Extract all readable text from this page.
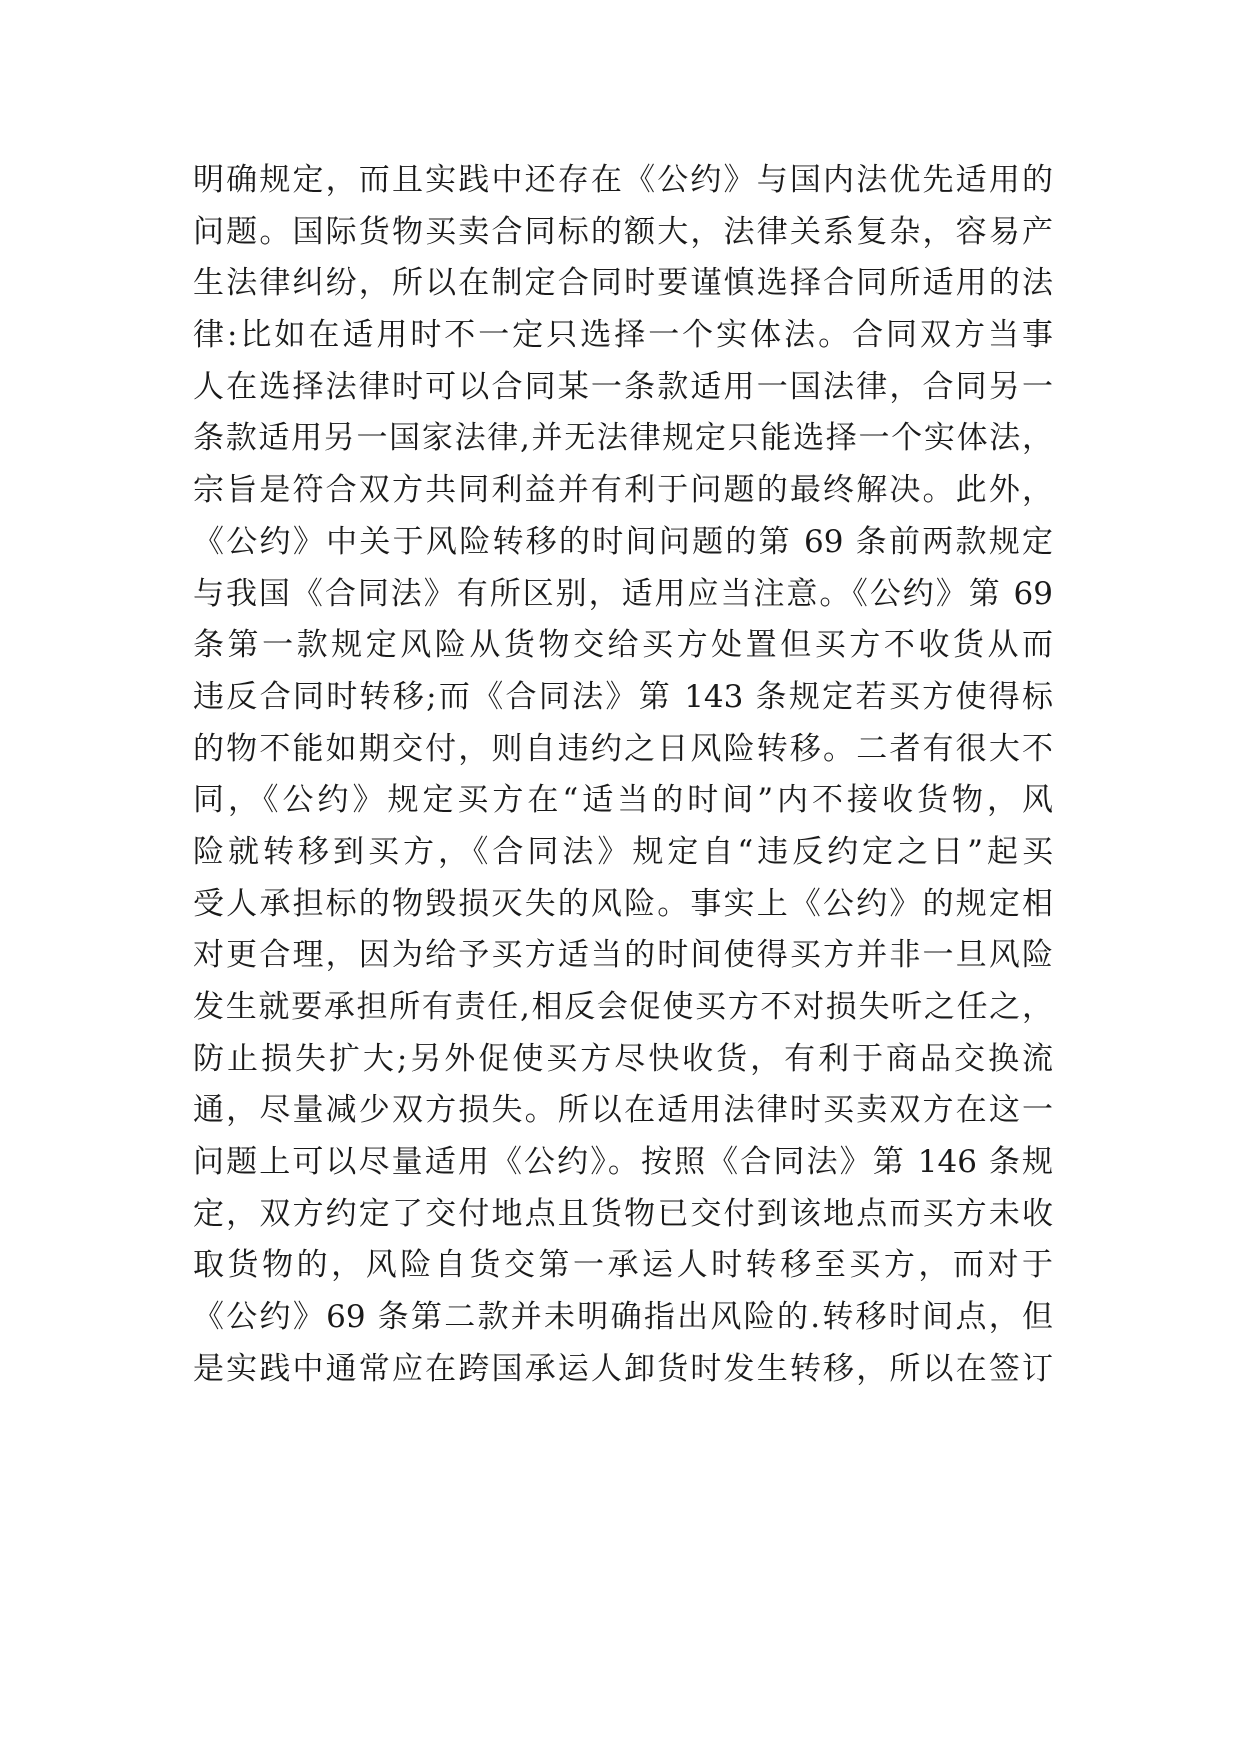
明确规定，而且实践中还存在《公约》与国内法优先适用的
问题。国际货物买卖合同标的额大，法律关系复杂，容易产
生法律纠纷，所以在制定合同时要谨慎选择合同所适用的法
律:比如在适用时不一定只选择一个实体法。合同双方当事
人在选择法律时可以合同某一条款适用一国法律，合同另一
条款适用另一国家法律,并无法律规定只能选择一个实体法，
宗旨是符合双方共同利益并有利于问题的最终解决。此外，
《公约》中关于风险转移的时间问题的第 69 条前两款规定
与我国《合同法》有所区别，适用应当注意。《公约》第 69
条第一款规定风险从货物交给买方处置但买方不收货从而
违反合同时转移;而《合同法》第 143 条规定若买方使得标
的物不能如期交付，则自违约之日风险转移。二者有很大不
同，《公约》规定买方在“适当的时间”内不接收货物，风
险就转移到买方，《合同法》规定自“违反约定之日”起买
受人承担标的物毁损灭失的风险。事实上《公约》的规定相
对更合理，因为给予买方适当的时间使得买方并非一旦风险
发生就要承担所有责任,相反会促使买方不对损失听之任之，
防止损失扩大;另外促使买方尽快收货，有利于商品交换流
通，尽量减少双方损失。所以在适用法律时买卖双方在这一
问题上可以尽量适用《公约》。按照《合同法》第 146 条规
定，双方约定了交付地点且货物已交付到该地点而买方未收
取货物的，风险自货交第一承运人时转移至买方，而对于
《公约》69 条第二款并未明确指出风险的.转移时间点，但
是实践中通常应在跨国承运人卸货时发生转移，所以在签订
